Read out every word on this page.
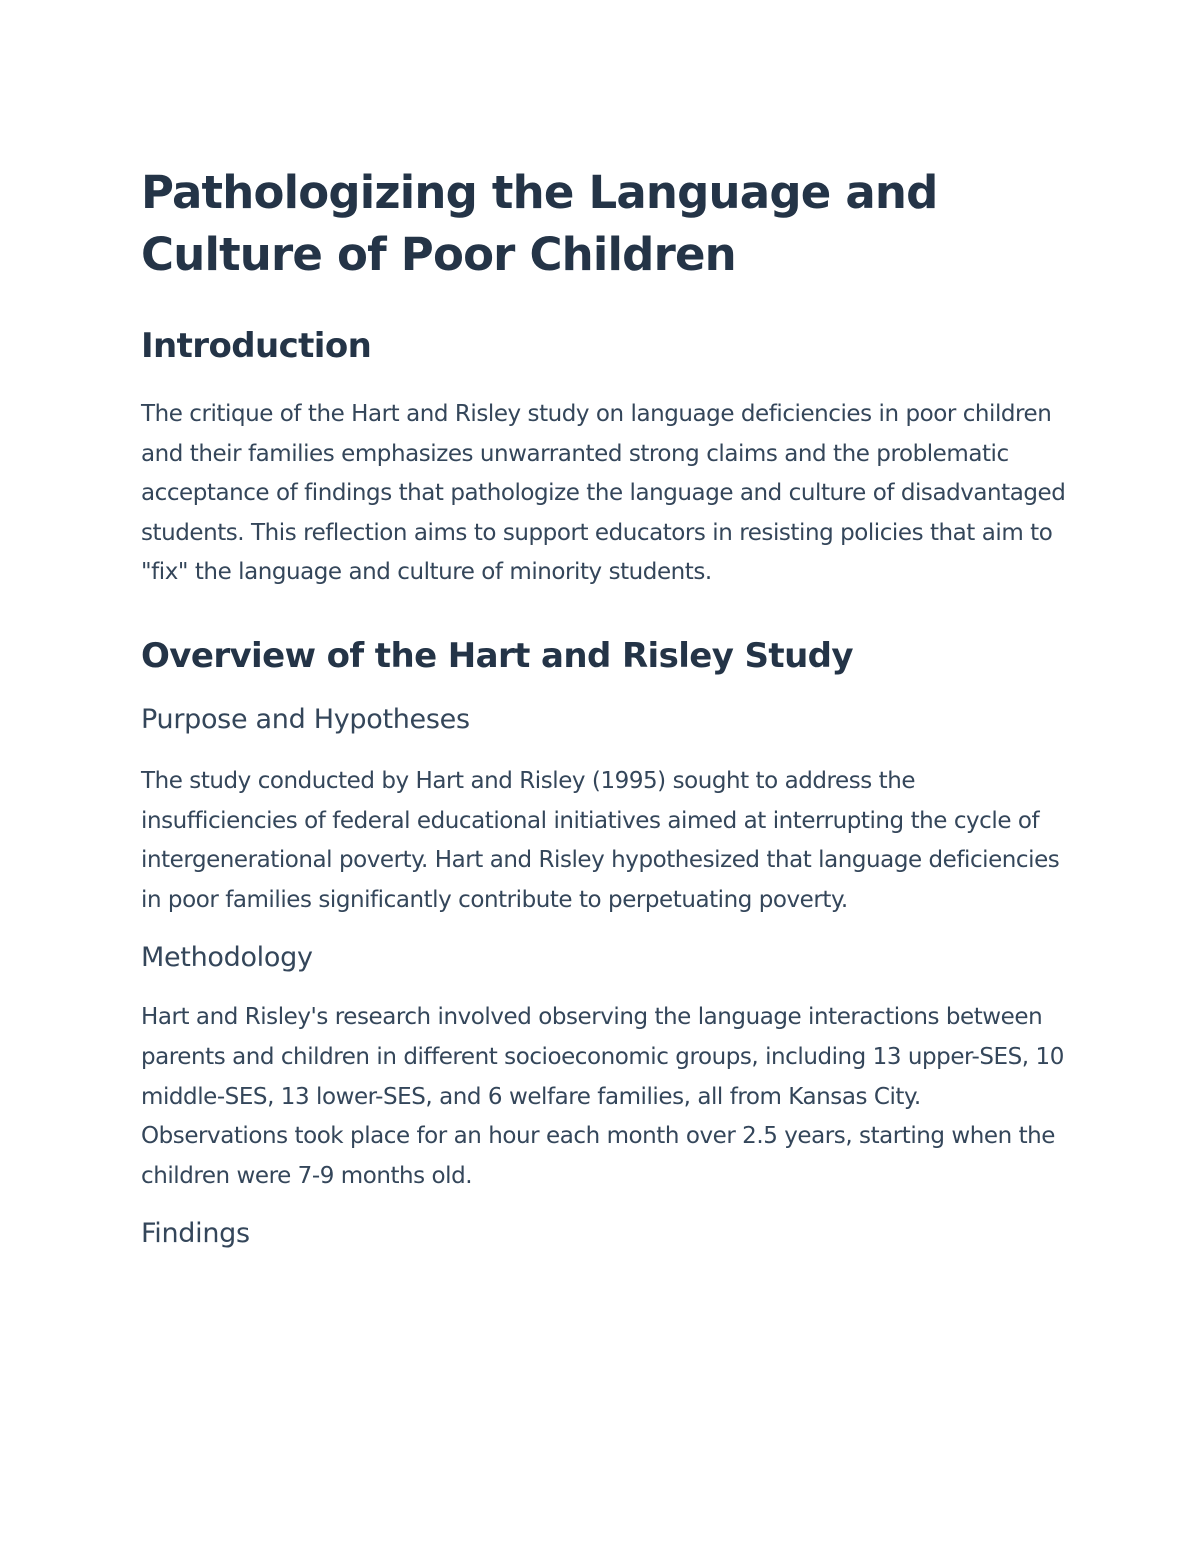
Pathologizing the Language and Culture of Poor Children
Introduction

The critique of the Hart and Risley study on language deficiencies in poor children and their families emphasizes unwarranted strong claims and the problematic acceptance of findings that pathologize the language and culture of disadvantaged students. This reflection aims to support educators in resisting policies that aim to "fix" the language and culture of minority students.

Overview of the Hart and Risley Study
Purpose and Hypotheses

The study conducted by Hart and Risley (1995) sought to address the insufficiencies of federal educational initiatives aimed at interrupting the cycle of intergenerational poverty. Hart and Risley hypothesized that language deficiencies in poor families significantly contribute to perpetuating poverty.

Methodology

Hart and Risley's research involved observing the language interactions between parents and children in different socioeconomic groups, including 13 upper-SES, 10 middle-SES, 13 lower-SES, and 6 welfare families, all from Kansas City. Observations took place for an hour each month over 2.5 years, starting when the children were 7-9 months old.

Findings
